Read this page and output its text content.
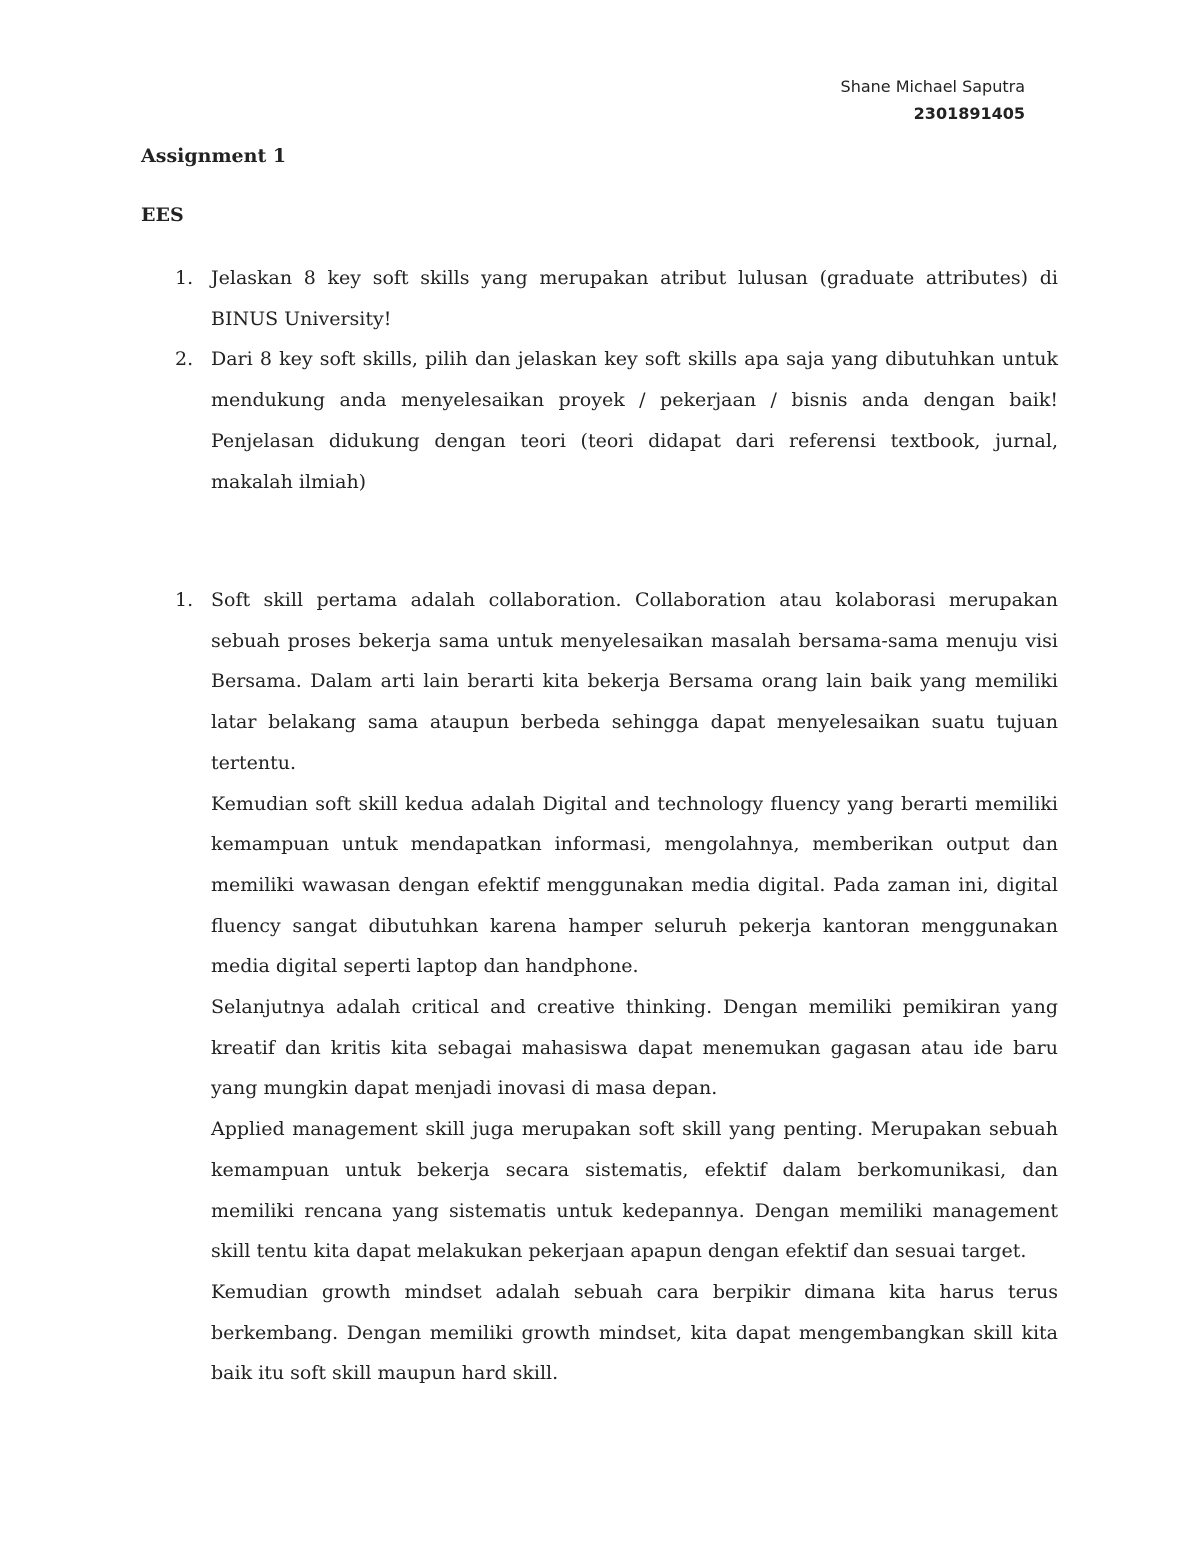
Shane Michael Saputra
2301891405
Assignment 1
EES
1. Jelaskan 8 key soft skills yang merupakan atribut lulusan (graduate attributes) di BINUS University!
2. Dari 8 key soft skills, pilih dan jelaskan key soft skills apa saja yang dibutuhkan untuk mendukung anda menyelesaikan proyek / pekerjaan / bisnis anda dengan baik! Penjelasan didukung dengan teori (teori didapat dari referensi textbook, jurnal, makalah ilmiah)
1. Soft skill pertama adalah collaboration. Collaboration atau kolaborasi merupakan sebuah proses bekerja sama untuk menyelesaikan masalah bersama-sama menuju visi Bersama. Dalam arti lain berarti kita bekerja Bersama orang lain baik yang memiliki latar belakang sama ataupun berbeda sehingga dapat menyelesaikan suatu tujuan tertentu.
Kemudian soft skill kedua adalah Digital and technology fluency yang berarti memiliki kemampuan untuk mendapatkan informasi, mengolahnya, memberikan output dan memiliki wawasan dengan efektif menggunakan media digital. Pada zaman ini, digital fluency sangat dibutuhkan karena hamper seluruh pekerja kantoran menggunakan media digital seperti laptop dan handphone.
Selanjutnya adalah critical and creative thinking. Dengan memiliki pemikiran yang kreatif dan kritis kita sebagai mahasiswa dapat menemukan gagasan atau ide baru yang mungkin dapat menjadi inovasi di masa depan.
Applied management skill juga merupakan soft skill yang penting. Merupakan sebuah kemampuan untuk bekerja secara sistematis, efektif dalam berkomunikasi, dan memiliki rencana yang sistematis untuk kedepannya. Dengan memiliki management skill tentu kita dapat melakukan pekerjaan apapun dengan efektif dan sesuai target.
Kemudian growth mindset adalah sebuah cara berpikir dimana kita harus terus berkembang. Dengan memiliki growth mindset, kita dapat mengembangkan skill kita baik itu soft skill maupun hard skill.
